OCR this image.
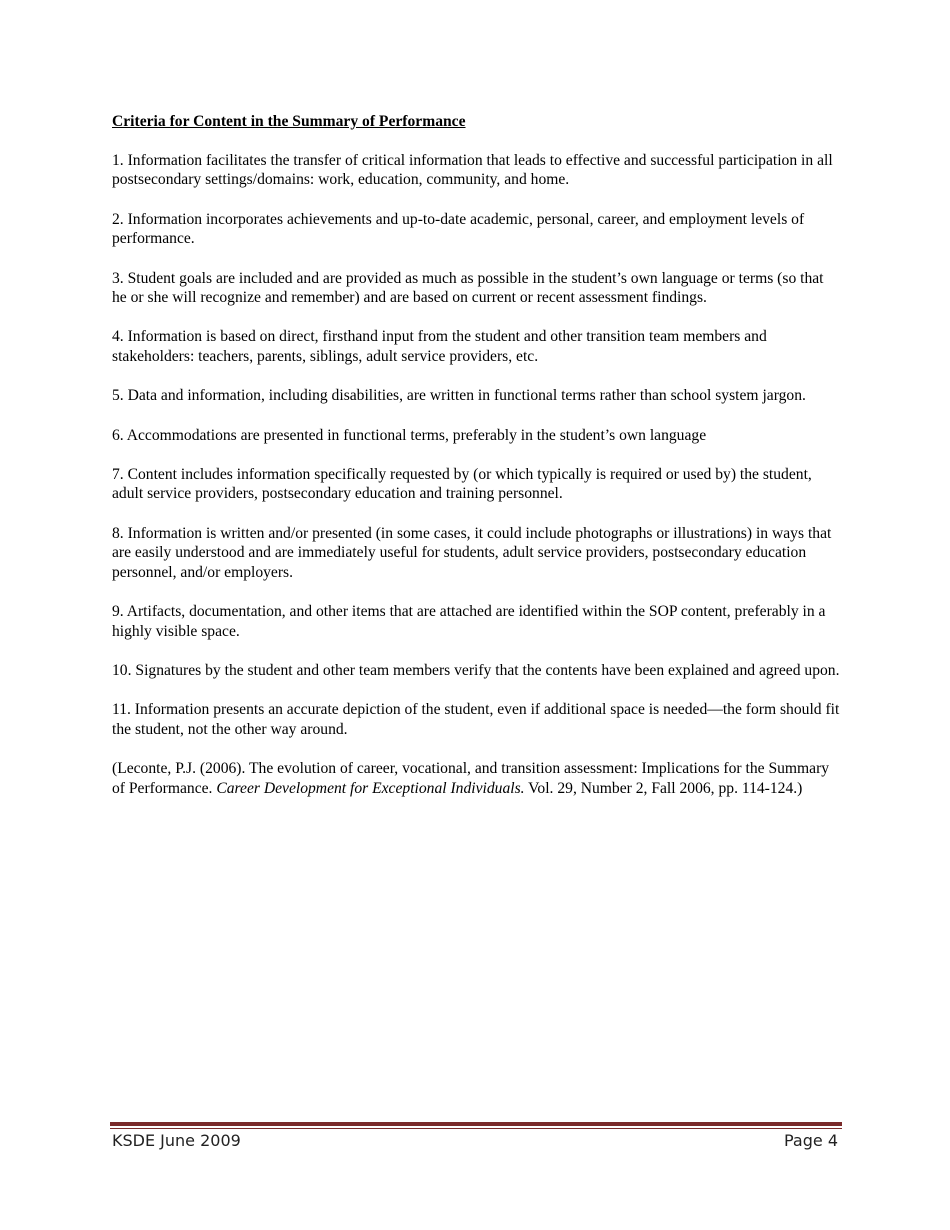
Criteria for Content in the Summary of Performance

1. Information facilitates the transfer of critical information that leads to effective and successful participation in all postsecondary settings/domains: work, education, community, and home.

2. Information incorporates achievements and up-to-date academic, personal, career, and employment levels of performance.

3. Student goals are included and are provided as much as possible in the student’s own language or terms (so that he or she will recognize and remember) and are based on current or recent assessment findings.

4. Information is based on direct, firsthand input from the student and other transition team members and stakeholders: teachers, parents, siblings, adult service providers, etc.

5. Data and information, including disabilities, are written in functional terms rather than school system jargon.

6. Accommodations are presented in functional terms, preferably in the student’s own language

7. Content includes information specifically requested by (or which typically is required or used by) the student, adult service providers, postsecondary education and training personnel.

8. Information is written and/or presented (in some cases, it could include photographs or illustrations) in ways that are easily understood and are immediately useful for students, adult service providers, postsecondary education personnel, and/or employers.

9. Artifacts, documentation, and other items that are attached are identified within the SOP content, preferably in a highly visible space.

10. Signatures by the student and other team members verify that the contents have been explained and agreed upon.

11. Information presents an accurate depiction of the student, even if additional space is needed—the form should fit the student, not the other way around.

(Leconte, P.J. (2006). The evolution of career, vocational, and transition assessment: Implications for the Summary of Performance. Career Development for Exceptional Individuals. Vol. 29, Number 2, Fall 2006, pp. 114-124.)

KSDE June 2009	Page 4
